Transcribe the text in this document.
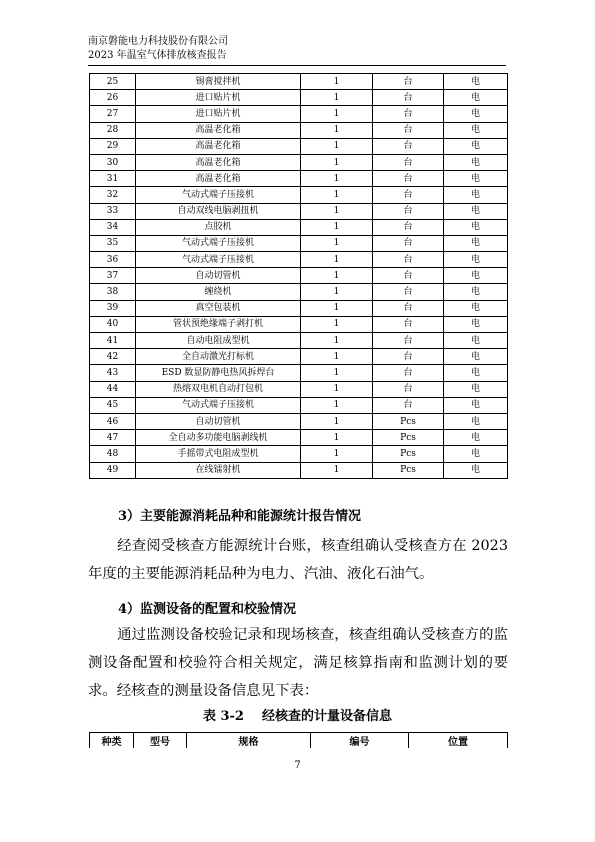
南京磐能电力科技股份有限公司
2023 年温室气体排放核查报告
25	锡膏搅拌机	1	台	电
26	进口贴片机	1	台	电
27	进口贴片机	1	台	电
28	高温老化箱	1	台	电
29	高温老化箱	1	台	电
30	高温老化箱	1	台	电
31	高温老化箱	1	台	电
32	气动式端子压接机	1	台	电
33	自动双线电脑剥扭机	1	台	电
34	点胶机	1	台	电
35	气动式端子压接机	1	台	电
36	气动式端子压接机	1	台	电
37	自动切管机	1	台	电
38	缠绕机	1	台	电
39	真空包装机	1	台	电
40	管状预绝缘端子剥打机	1	台	电
41	自动电阻成型机	1	台	电
42	全自动激光打标机	1	台	电
43	ESD 数显防静电热风拆焊台	1	台	电
44	热熔双电机自动打包机	1	台	电
45	气动式端子压接机	1	台	电
46	自动切管机	1	Pcs	电
47	全自动多功能电脑剥线机	1	Pcs	电
48	手摇带式电阻成型机	1	Pcs	电
49	在线镭射机	1	Pcs	电
3）主要能源消耗品种和能源统计报告情况

经查阅受核查方能源统计台账，核查组确认受核查方在 2023 年度的主要能源消耗品种为电力、汽油、液化石油气。

4）监测设备的配置和校验情况

通过监测设备校验记录和现场核查，核查组确认受核查方的监测设备配置和校验符合相关规定，满足核算指南和监测计划的要求。经核查的测量设备信息见下表：

表 3-2    经核查的计量设备信息
种类	型号	规格	编号	位置
7
